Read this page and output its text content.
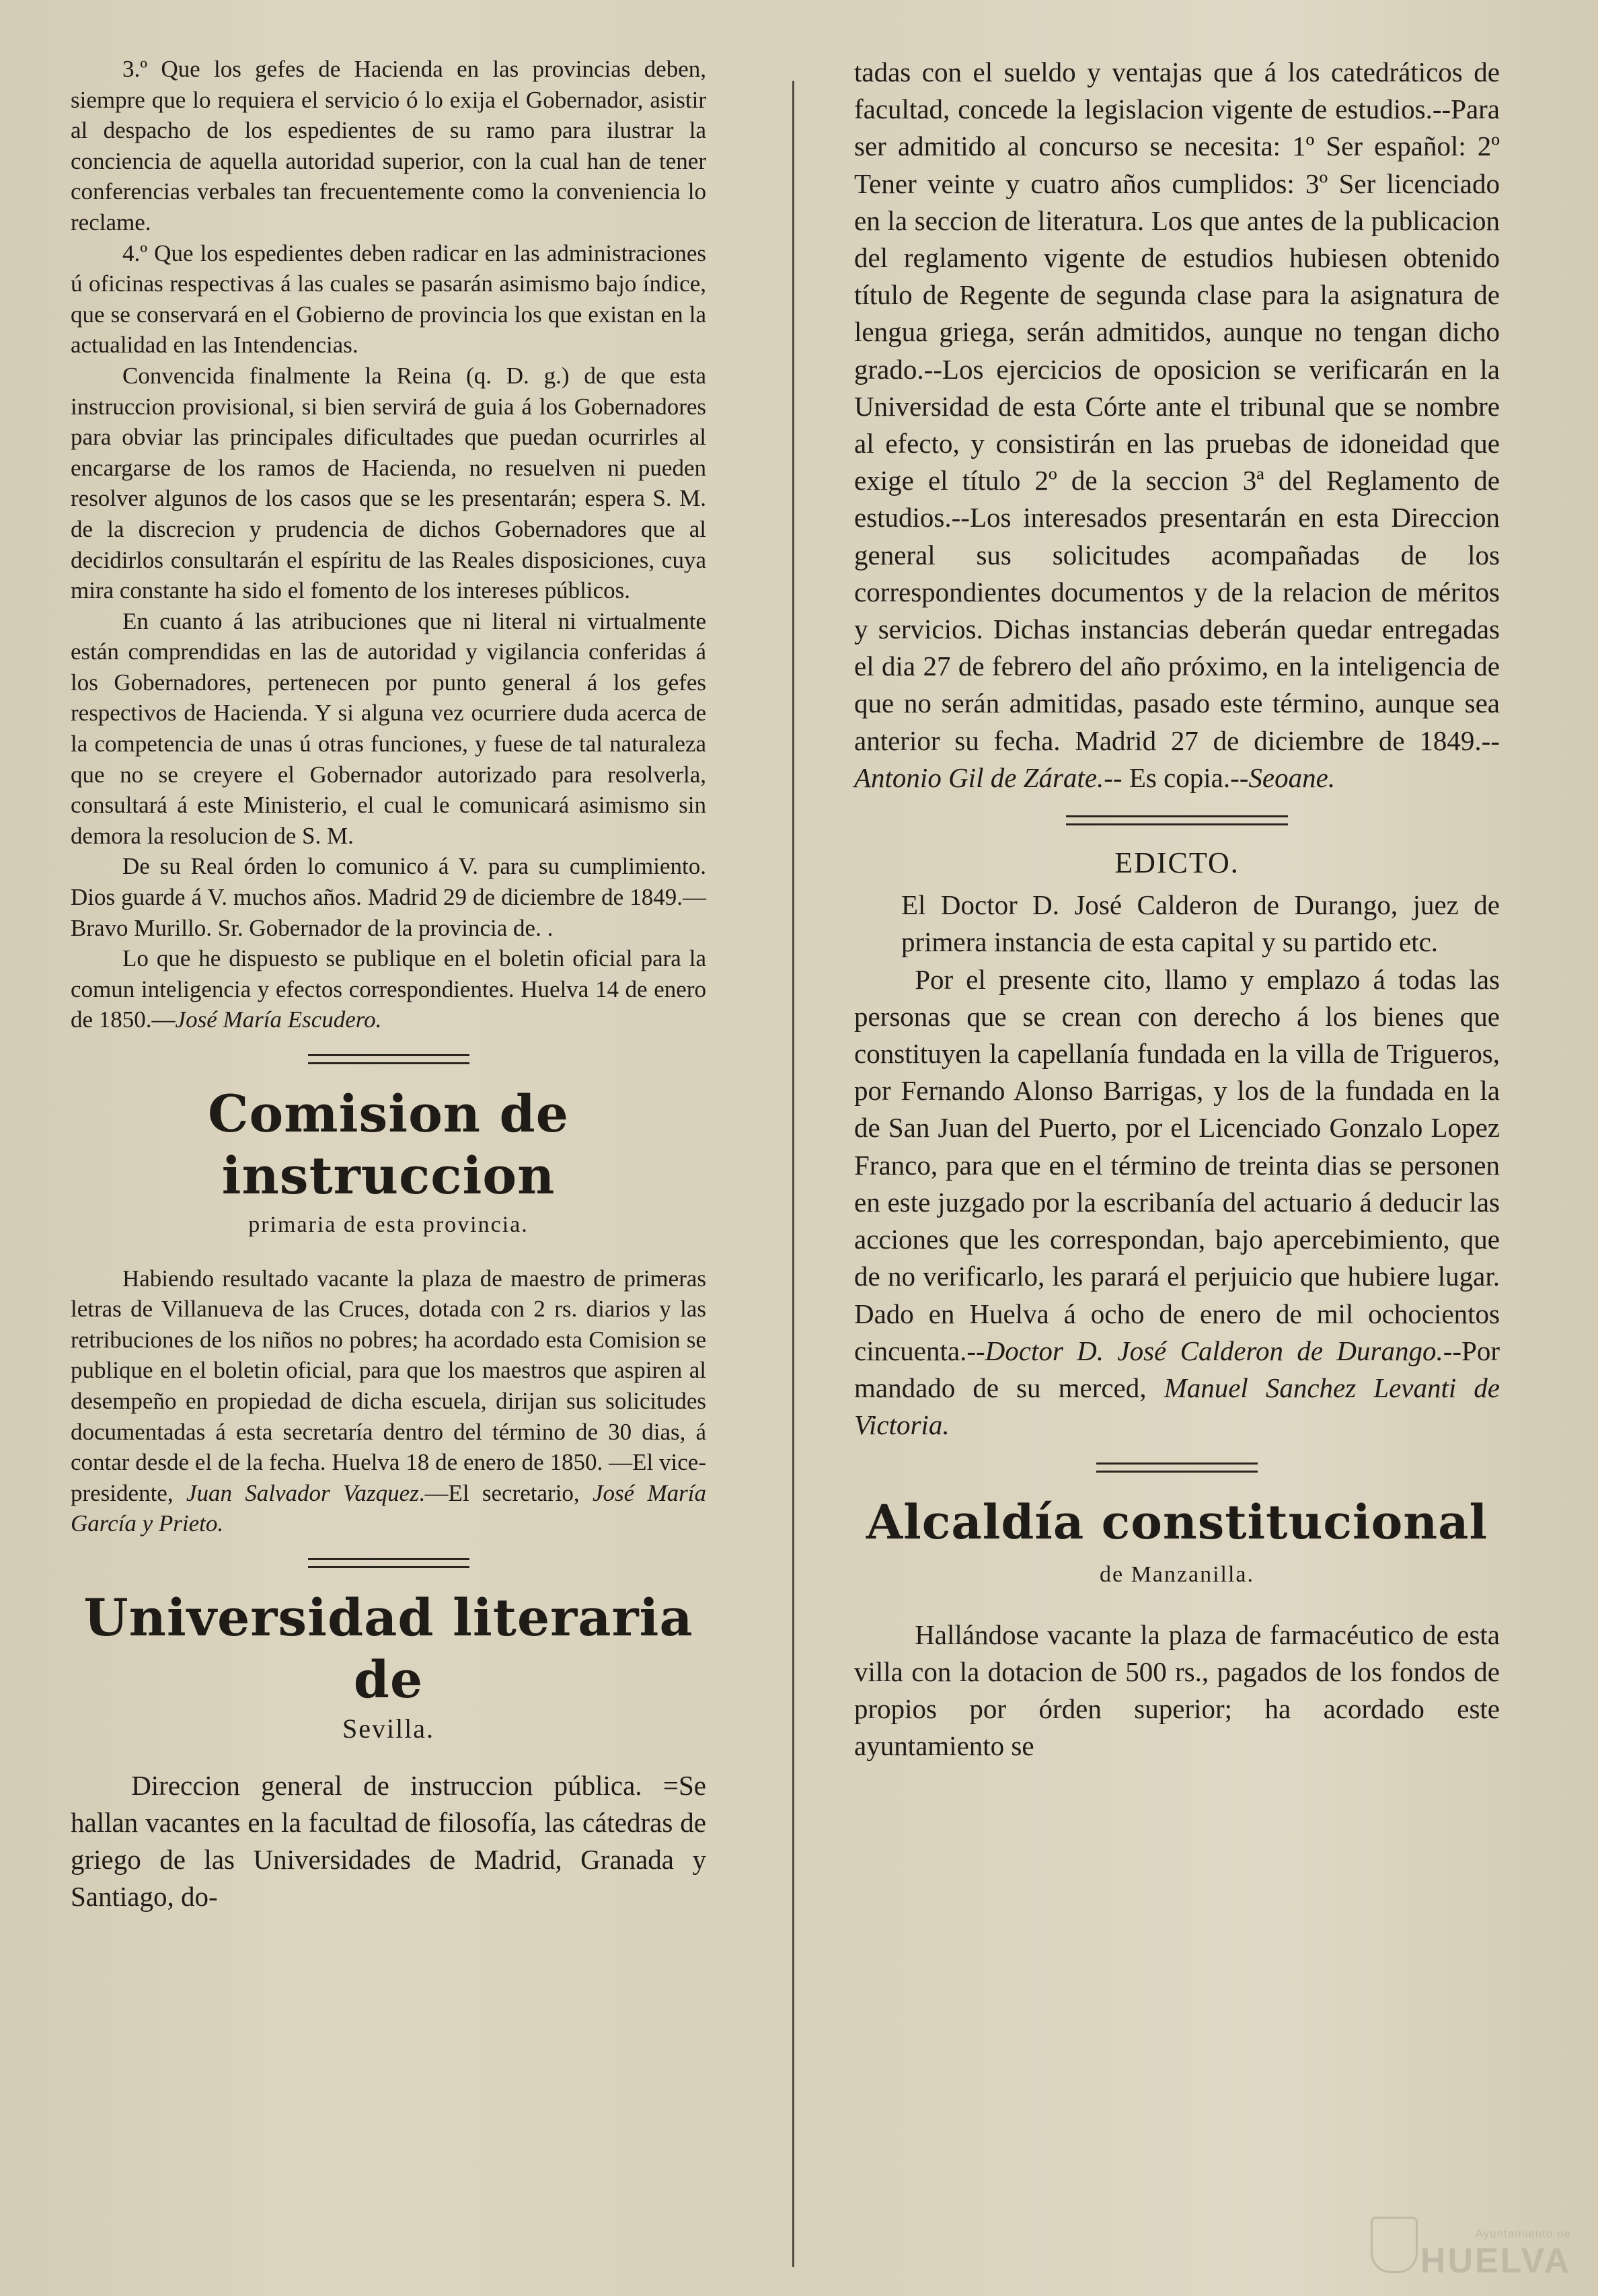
3.º Que los gefes de Hacienda en las provincias deben, siempre que lo requiera el servicio ó lo exija el Gobernador, asistir al despacho de los espedientes de su ramo para ilustrar la conciencia de aquella autoridad superior, con la cual han de tener conferencias verbales tan frecuentemente como la conveniencia lo reclame.

4.º Que los espedientes deben radicar en las administraciones ú oficinas respectivas á las cuales se pasarán asimismo bajo índice, que se conservará en el Gobierno de provincia los que existan en la actualidad en las Intendencias.

Convencida finalmente la Reina (q. D. g.) de que esta instruccion provisional, si bien servirá de guia á los Gobernadores para obviar las principales dificultades que puedan ocurrirles al encargarse de los ramos de Hacienda, no resuelven ni pueden resolver algunos de los casos que se les presentarán; espera S. M. de la discrecion y prudencia de dichos Gobernadores que al decidirlos consultarán el espíritu de las Reales disposiciones, cuya mira constante ha sido el fomento de los intereses públicos.

En cuanto á las atribuciones que ni literal ni virtualmente están comprendidas en las de autoridad y vigilancia conferidas á los Gobernadores, pertenecen por punto general á los gefes respectivos de Hacienda. Y si alguna vez ocurriere duda acerca de la competencia de unas ú otras funciones, y fuese de tal naturaleza que no se creyere el Gobernador autorizado para resolverla, consultará á este Ministerio, el cual le comunicará asimismo sin demora la resolucion de S. M.

De su Real órden lo comunico á V. para su cumplimiento. Dios guarde á V. muchos años. Madrid 29 de diciembre de 1849.—Bravo Murillo. Sr. Gobernador de la provincia de. .

Lo que he dispuesto se publique en el boletin oficial para la comun inteligencia y efectos correspondientes. Huelva 14 de enero de 1850.—José María Escudero.

Comision de instruccion
primaria de esta provincia.

Habiendo resultado vacante la plaza de maestro de primeras letras de Villanueva de las Cruces, dotada con 2 rs. diarios y las retribuciones de los niños no pobres; ha acordado esta Comision se publique en el boletin oficial, para que los maestros que aspiren al desempeño en propiedad de dicha escuela, dirijan sus solicitudes documentadas á esta secretaría dentro del término de 30 dias, á contar desde el de la fecha. Huelva 18 de enero de 1850. —El vice-presidente, Juan Salvador Vazquez.—El secretario, José María García y Prieto.

Universidad literaria de
Sevilla.

Direccion general de instruccion pública. =Se hallan vacantes en la facultad de filosofía, las cátedras de griego de las Universidades de Madrid, Granada y Santiago, do-

tadas con el sueldo y ventajas que á los catedráticos de facultad, concede la legislacion vigente de estudios.--Para ser admitido al concurso se necesita: 1º Ser español: 2º Tener veinte y cuatro años cumplidos: 3º Ser licenciado en la seccion de literatura. Los que antes de la publicacion del reglamento vigente de estudios hubiesen obtenido título de Regente de segunda clase para la asignatura de lengua griega, serán admitidos, aunque no tengan dicho grado.--Los ejercicios de oposicion se verificarán en la Universidad de esta Córte ante el tribunal que se nombre al efecto, y consistirán en las pruebas de idoneidad que exige el título 2º de la seccion 3ª del Reglamento de estudios.--Los interesados presentarán en esta Direccion general sus solicitudes acompañadas de los correspondientes documentos y de la relacion de méritos y servicios. Dichas instancias deberán quedar entregadas el dia 27 de febrero del año próximo, en la inteligencia de que no serán admitidas, pasado este término, aunque sea anterior su fecha. Madrid 27 de diciembre de 1849.--Antonio Gil de Zárate.-- Es copia.--Seoane.

EDICTO.

El Doctor D. José Calderon de Durango, juez de primera instancia de esta capital y su partido etc.

Por el presente cito, llamo y emplazo á todas las personas que se crean con derecho á los bienes que constituyen la capellanía fundada en la villa de Trigueros, por Fernando Alonso Barrigas, y los de la fundada en la de San Juan del Puerto, por el Licenciado Gonzalo Lopez Franco, para que en el término de treinta dias se personen en este juzgado por la escribanía del actuario á deducir las acciones que les correspondan, bajo apercebimiento, que de no verificarlo, les parará el perjuicio que hubiere lugar. Dado en Huelva á ocho de enero de mil ochocientos cincuenta.--Doctor D. José Calderon de Durango.--Por mandado de su merced, Manuel Sanchez Levanti de Victoria.

Alcaldía constitucional
de Manzanilla.

Hallándose vacante la plaza de farmacéutico de esta villa con la dotacion de 500 rs., pagados de los fondos de propios por órden superior; ha acordado este ayuntamiento se

Ayuntamiento de
HUELVA
